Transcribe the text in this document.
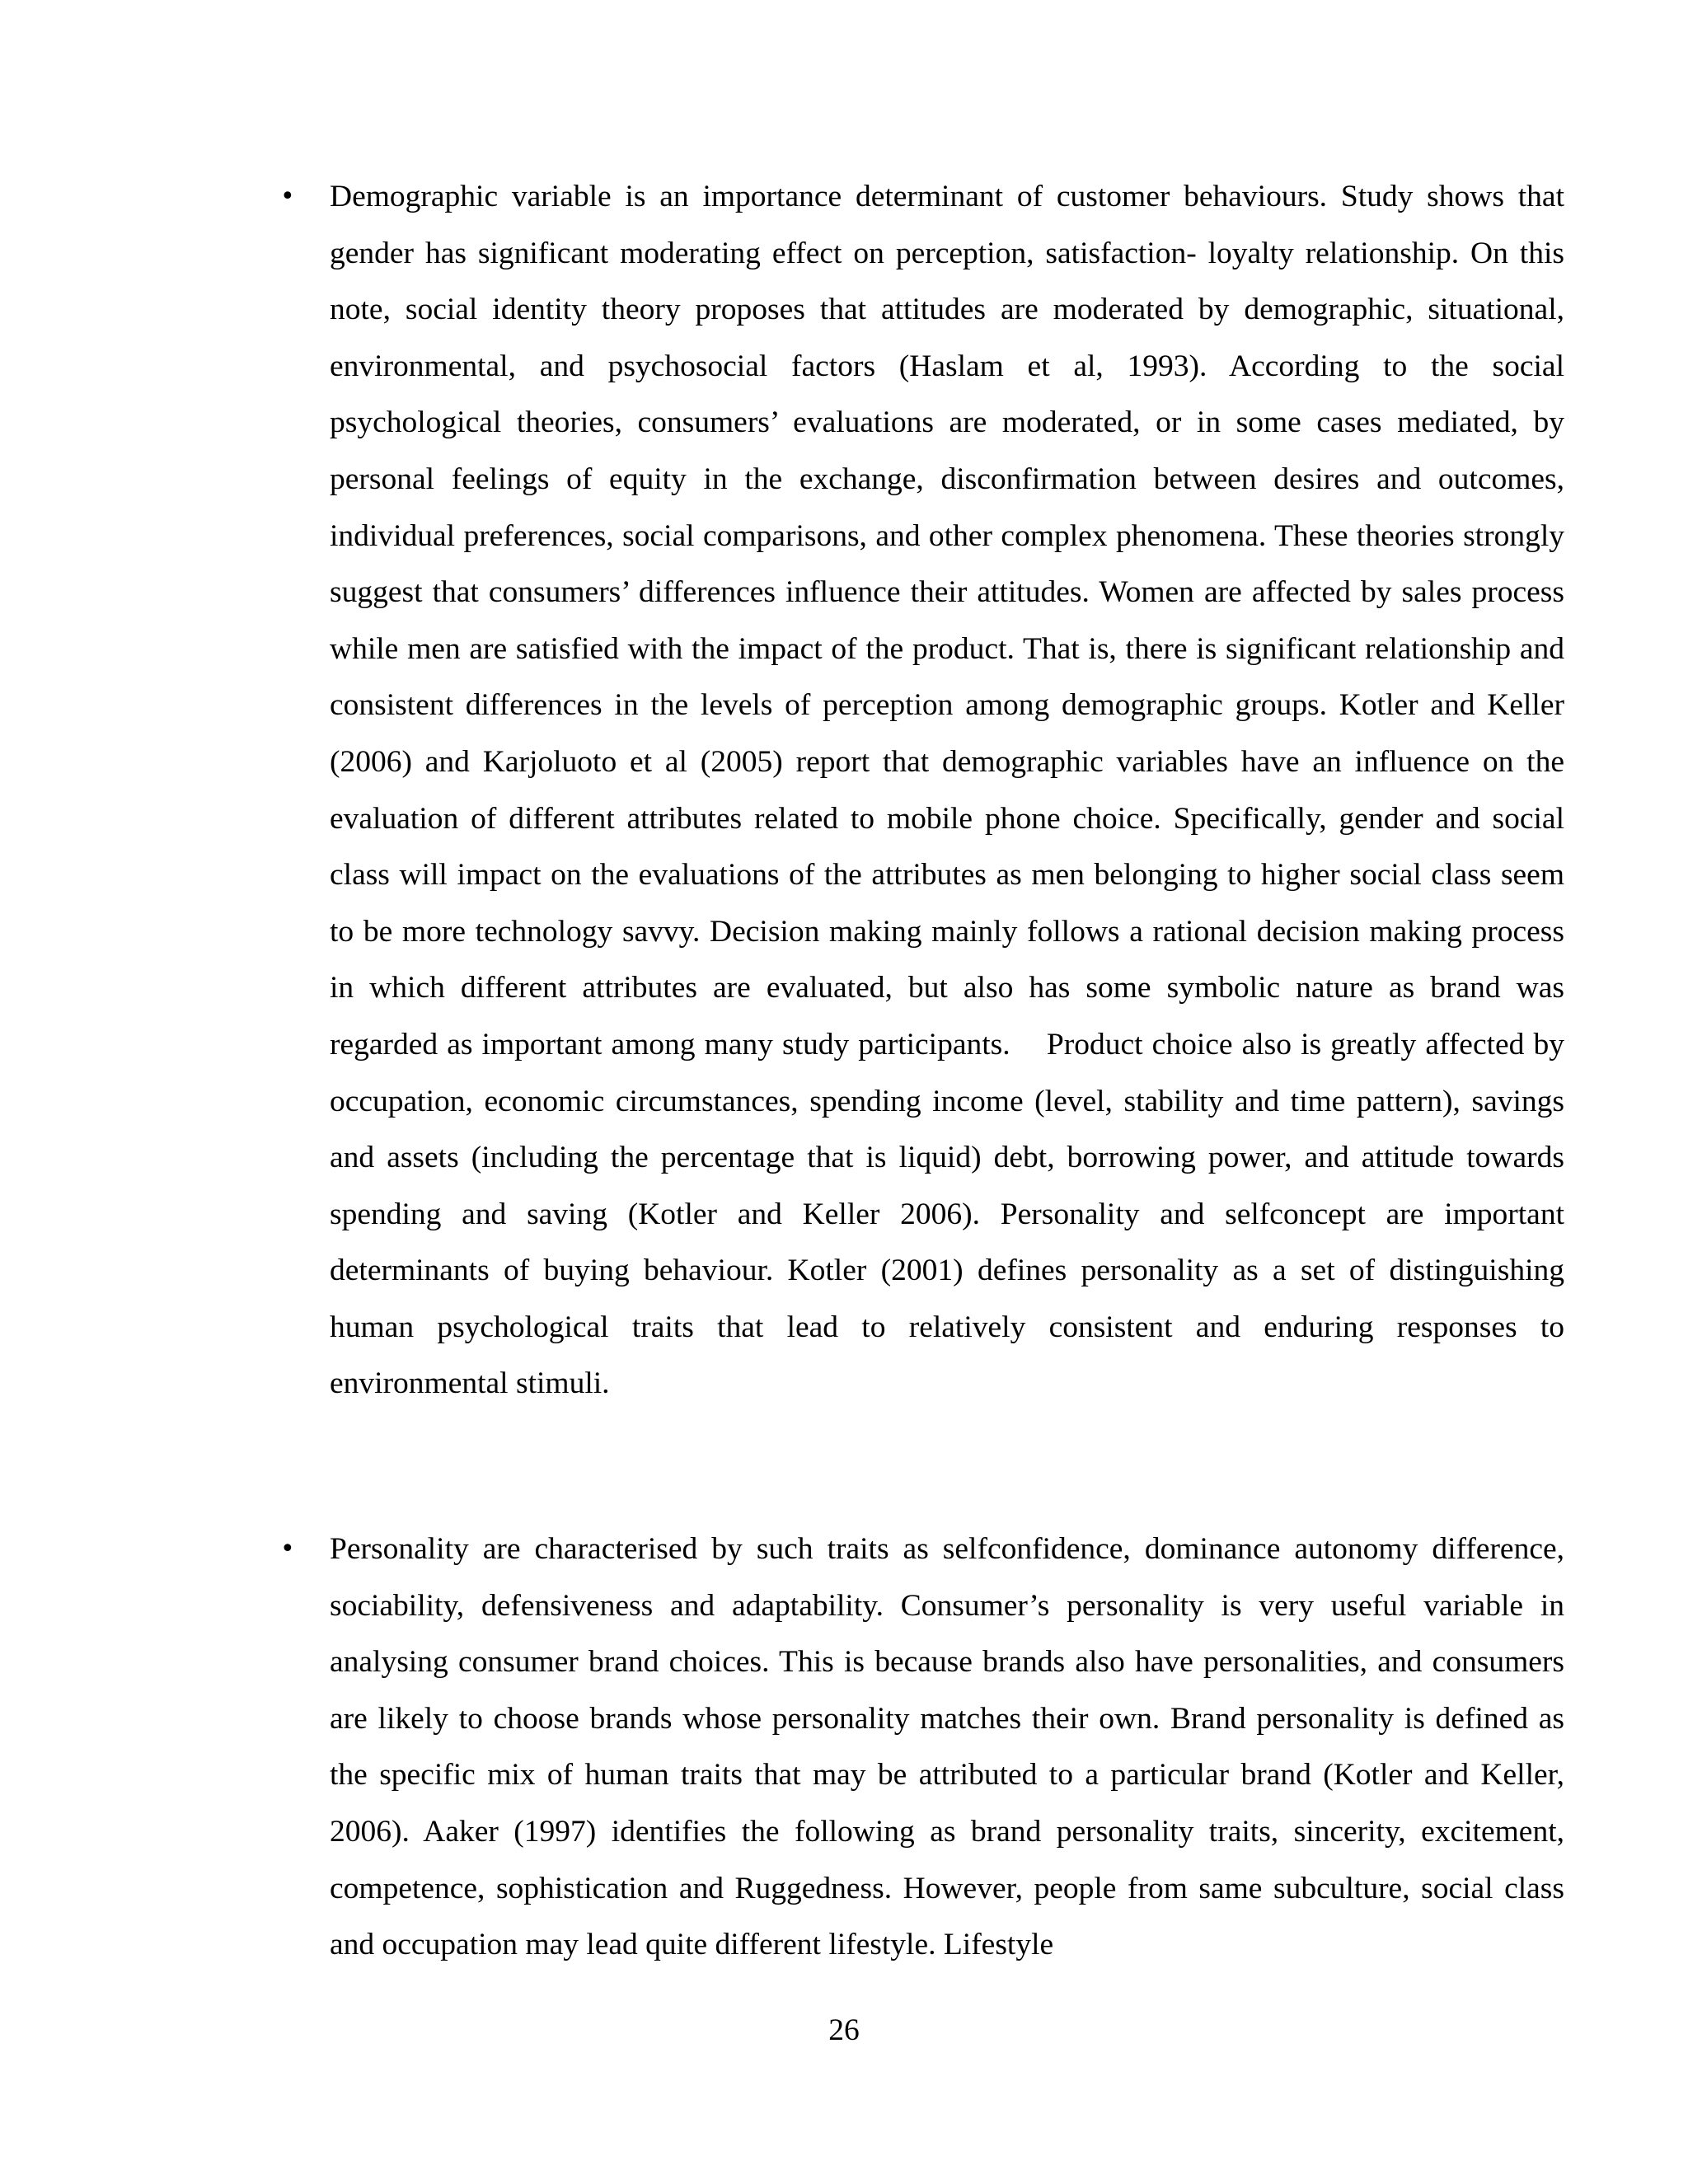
• Demographic variable is an importance determinant of customer behaviours. Study shows that gender has significant moderating effect on perception, satisfaction- loyalty relationship. On this note, social identity theory proposes that attitudes are moderated by demographic, situational, environmental, and psychosocial factors (Haslam et al, 1993). According to the social psychological theories, consumers’ evaluations are moderated, or in some cases mediated, by personal feelings of equity in the exchange, disconfirmation between desires and outcomes, individual preferences, social comparisons, and other complex phenomena. These theories strongly suggest that consumers’ differences influence their attitudes. Women are affected by sales process while men are satisfied with the impact of the product. That is, there is significant relationship and consistent differences in the levels of perception among demographic groups. Kotler and Keller (2006) and Karjoluoto et al (2005) report that demographic variables have an influence on the evaluation of different attributes related to mobile phone choice. Specifically, gender and social class will impact on the evaluations of the attributes as men belonging to higher social class seem to be more technology savvy. Decision making mainly follows a rational decision making process in which different attributes are evaluated, but also has some symbolic nature as brand was regarded as important among many study participants.    Product choice also is greatly affected by occupation, economic circumstances, spending income (level, stability and time pattern), savings and assets (including the percentage that is liquid) debt, borrowing power, and attitude towards spending and saving (Kotler and Keller 2006). Personality and selfconcept are important determinants of buying behaviour. Kotler (2001) defines personality as a set of distinguishing human psychological traits that lead to relatively consistent and enduring responses to environmental stimuli.
• Personality are characterised by such traits as selfconfidence, dominance autonomy difference, sociability, defensiveness and adaptability. Consumer’s personality is very useful variable in analysing consumer brand choices. This is because brands also have personalities, and consumers are likely to choose brands whose personality matches their own. Brand personality is defined as the specific mix of human traits that may be attributed to a particular brand (Kotler and Keller, 2006). Aaker (1997) identifies the following as brand personality traits, sincerity, excitement, competence, sophistication and Ruggedness. However, people from same subculture, social class and occupation may lead quite different lifestyle. Lifestyle
26
